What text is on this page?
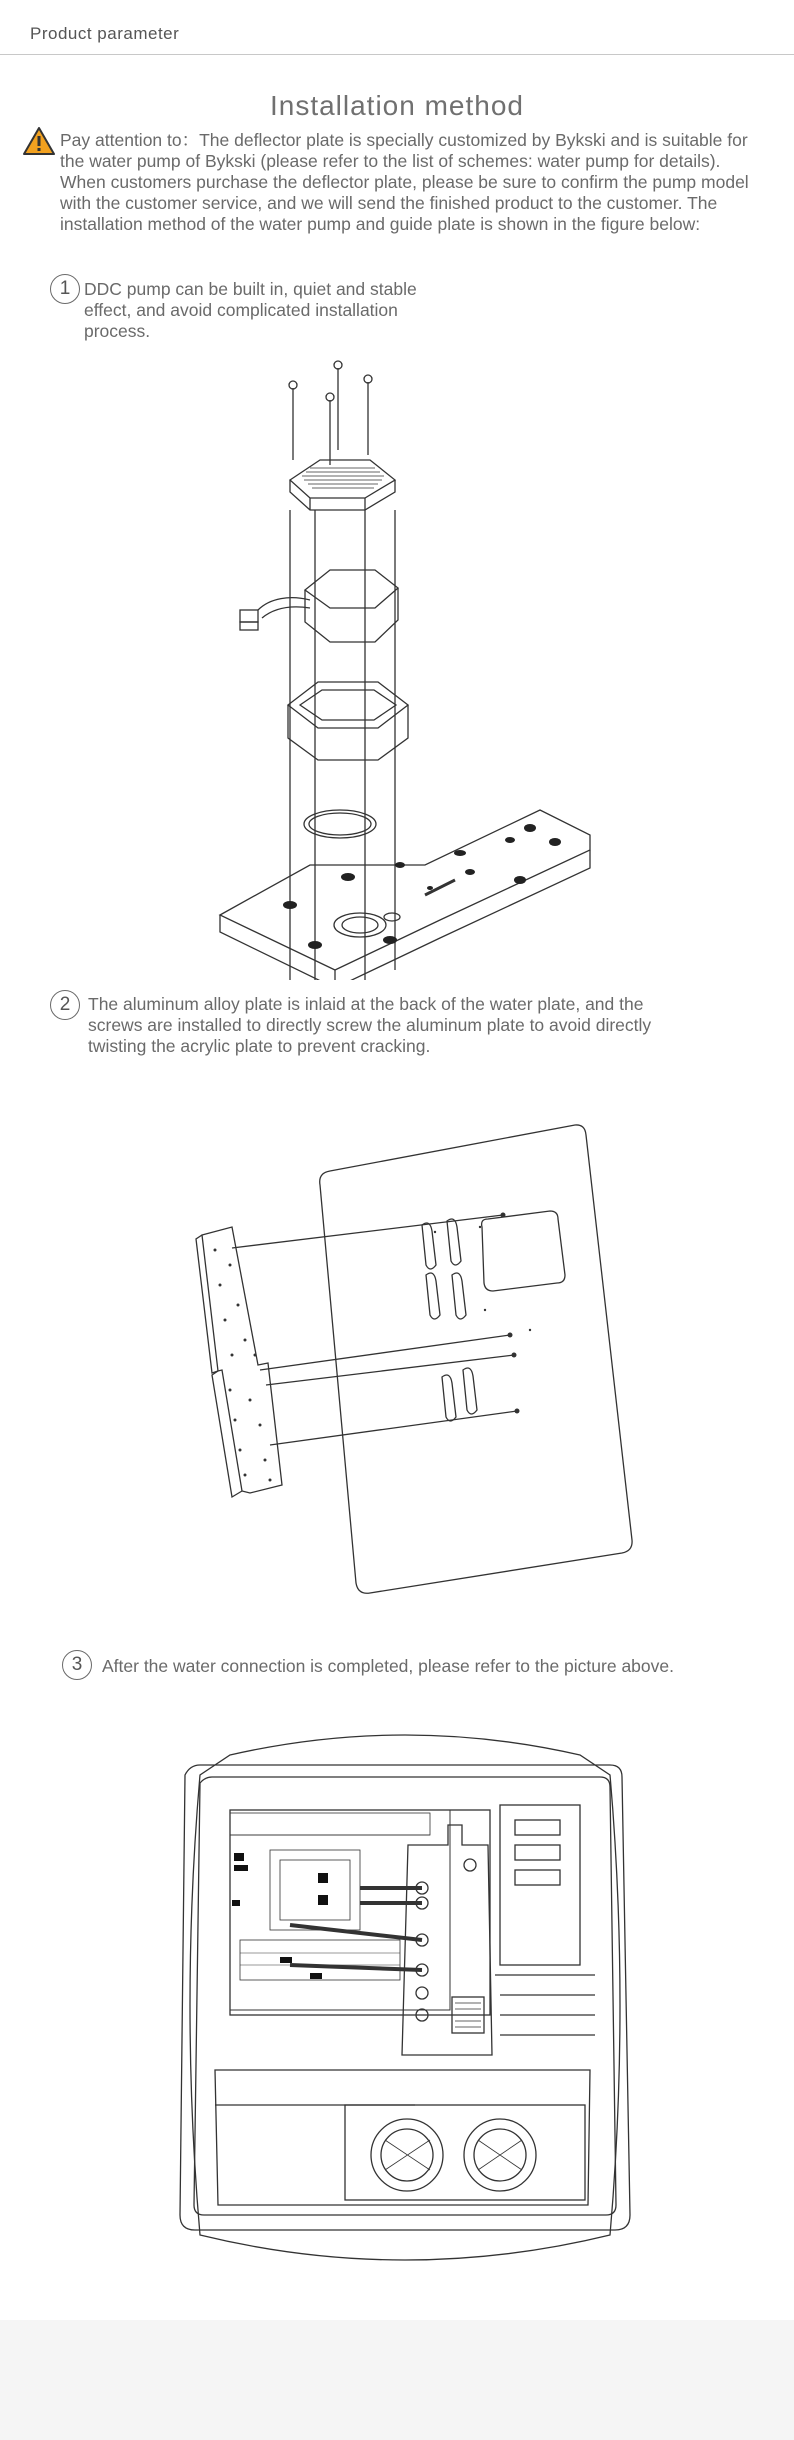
Product parameter
Installation method
Pay attention to：The deflector plate is specially customized by Bykski and is suitable for the water pump of Bykski (please refer to the list of schemes: water pump for details). When customers purchase the deflector plate, please be sure to confirm the pump model with the customer service, and we will send the finished product to the customer. The installation method of the water pump and guide plate is shown in the figure below:
1 DDC pump can be built in, quiet and stable effect, and avoid complicated installation process.
2	The aluminum alloy plate is inlaid at the back of the water plate, and the screws are installed to directly screw the aluminum plate to avoid directly twisting the acrylic plate to prevent cracking.
3	After the water connection is completed, please refer to the picture above.
